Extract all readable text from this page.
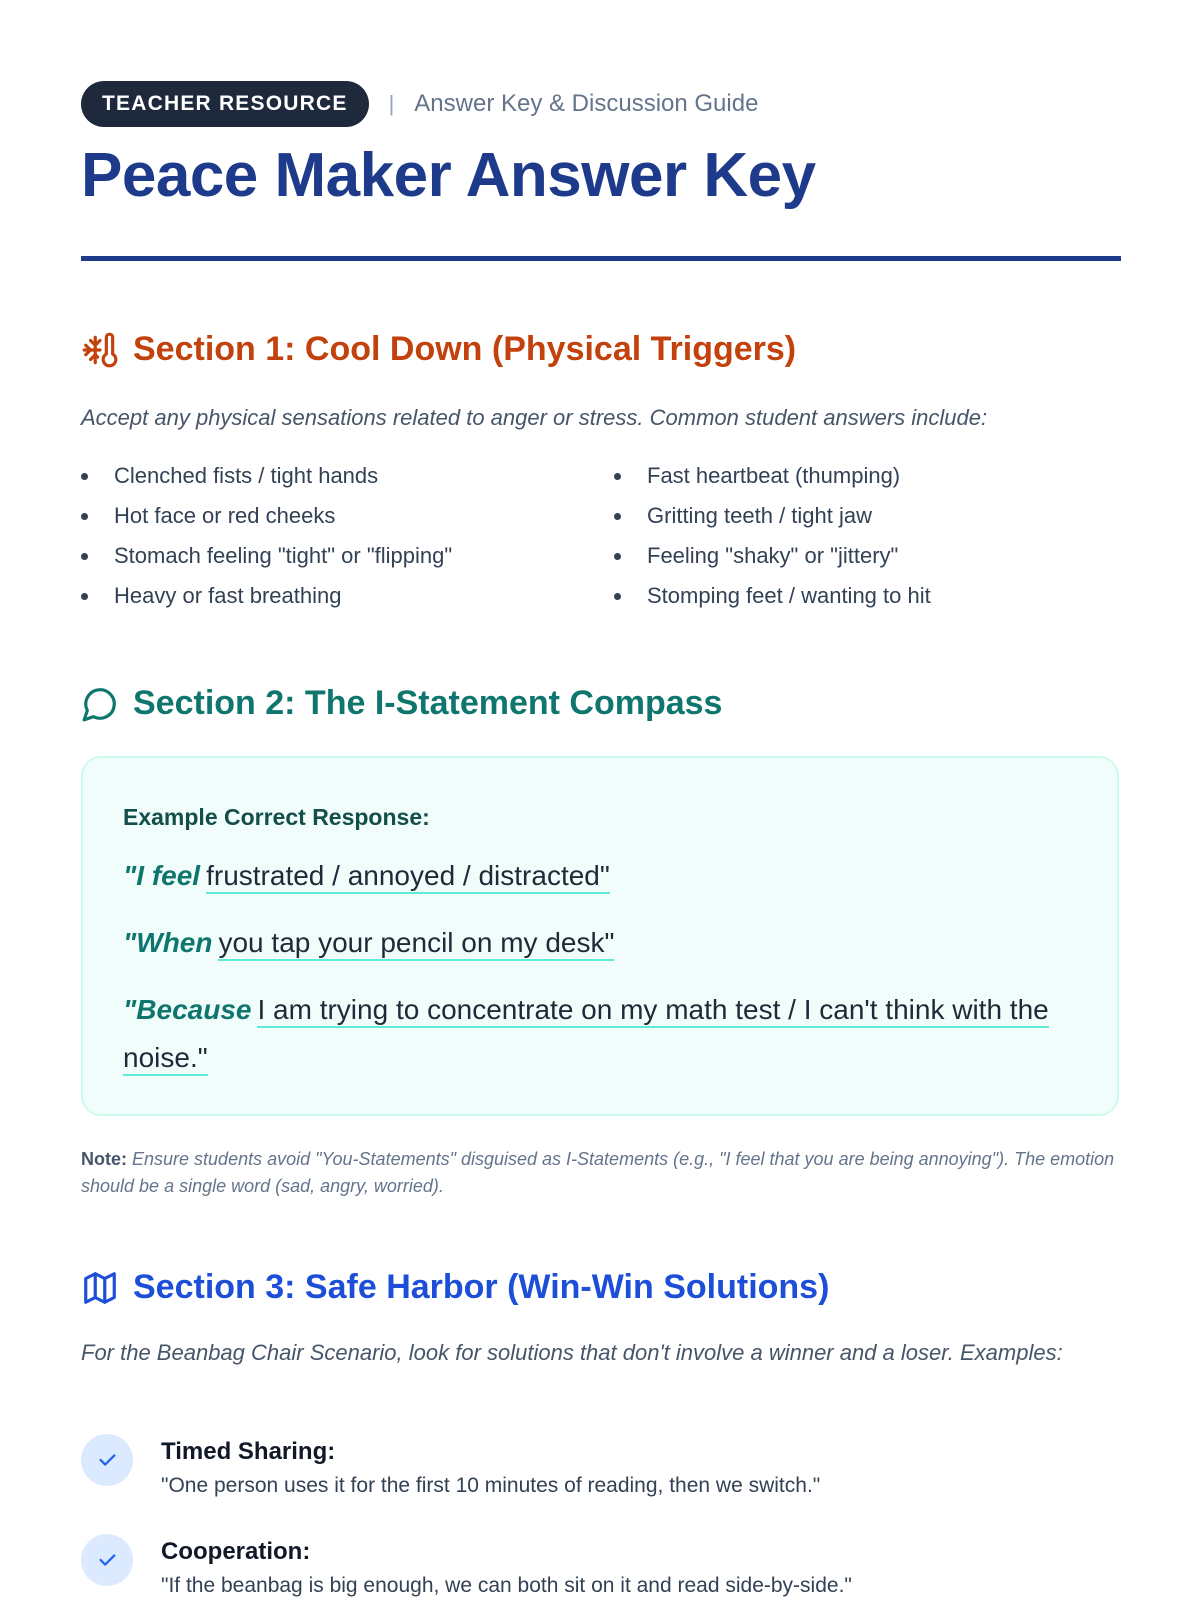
TEACHER RESOURCE	| Answer Key & Discussion Guide
Peace Maker Answer Key
Section 1: Cool Down (Physical Triggers)

Accept any physical sensations related to anger or stress. Common student answers include:

Clenched fists / tight hands	Fast heartbeat (thumping)
Hot face or red cheeks	Gritting teeth / tight jaw
Stomach feeling "tight" or "flipping"	Feeling "shaky" or "jittery"
Heavy or fast breathing	Stomping feet / wanting to hit
Section 2: The I-Statement Compass
Example Correct Response:
"I feel frustrated / annoyed / distracted"
"When you tap your pencil on my desk"
"Because I am trying to concentrate on my math test / I can't think with the noise."

Note: Ensure students avoid "You-Statements" disguised as I-Statements (e.g., "I feel that you are being annoying"). The emotion should be a single word (sad, angry, worried).

Section 3: Safe Harbor (Win-Win Solutions)

For the Beanbag Chair Scenario, look for solutions that don't involve a winner and a loser. Examples:

Timed Sharing:
"One person uses it for the first 10 minutes of reading, then we switch."
Cooperation:
"If the beanbag is big enough, we can both sit on it and read side-by-side."
